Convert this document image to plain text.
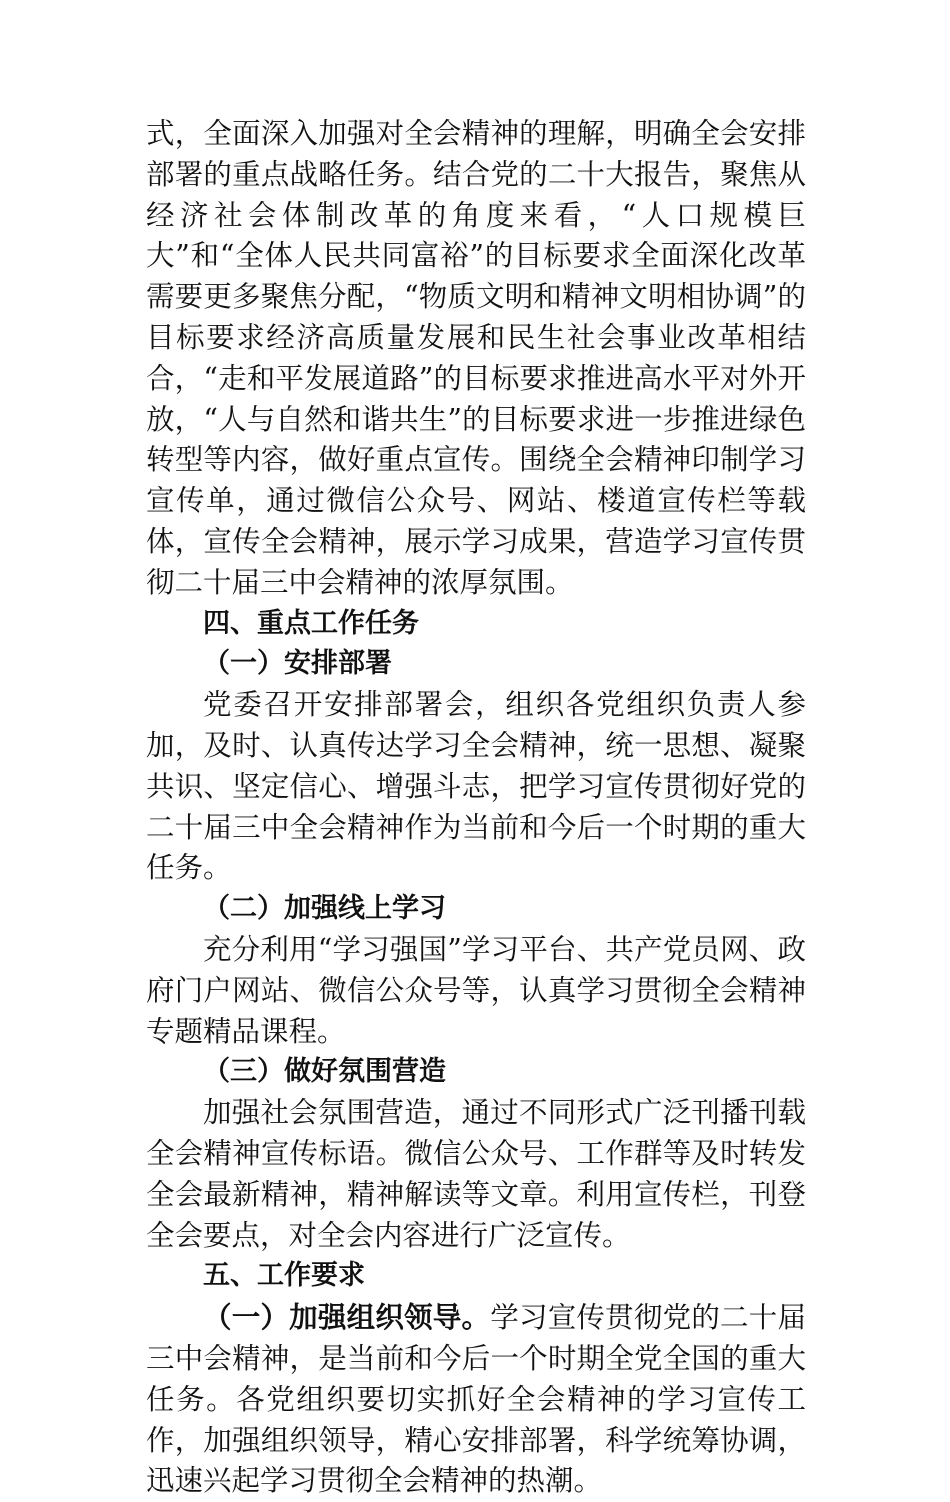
式，全面深入加强对全会精神的理解，明确全会安排部署的重点战略任务。结合党的二十大报告，聚焦从经济社会体制改革的角度来看，“人口规模巨大”和“全体人民共同富裕”的目标要求全面深化改革需要更多聚焦分配，“物质文明和精神文明相协调”的目标要求经济高质量发展和民生社会事业改革相结合，“走和平发展道路”的目标要求推进高水平对外开放，“人与自然和谐共生”的目标要求进一步推进绿色转型等内容，做好重点宣传。围绕全会精神印制学习宣传单，通过微信公众号、网站、楼道宣传栏等载体，宣传全会精神，展示学习成果，营造学习宣传贯彻二十届三中会精神的浓厚氛围。

四、重点工作任务

（一）安排部署

党委召开安排部署会，组织各党组织负责人参加，及时、认真传达学习全会精神，统一思想、凝聚共识、坚定信心、增强斗志，把学习宣传贯彻好党的二十届三中全会精神作为当前和今后一个时期的重大任务。

（二）加强线上学习

充分利用“学习强国”学习平台、共产党员网、政府门户网站、微信公众号等，认真学习贯彻全会精神专题精品课程。

（三）做好氛围营造

加强社会氛围营造，通过不同形式广泛刊播刊载全会精神宣传标语。微信公众号、工作群等及时转发全会最新精神，精神解读等文章。利用宣传栏，刊登全会要点，对全会内容进行广泛宣传。

五、工作要求

（一）加强组织领导。学习宣传贯彻党的二十届三中会精神，是当前和今后一个时期全党全国的重大任务。各党组织要切实抓好全会精神的学习宣传工作，加强组织领导，精心安排部署，科学统筹协调，迅速兴起学习贯彻全会精神的热潮。
